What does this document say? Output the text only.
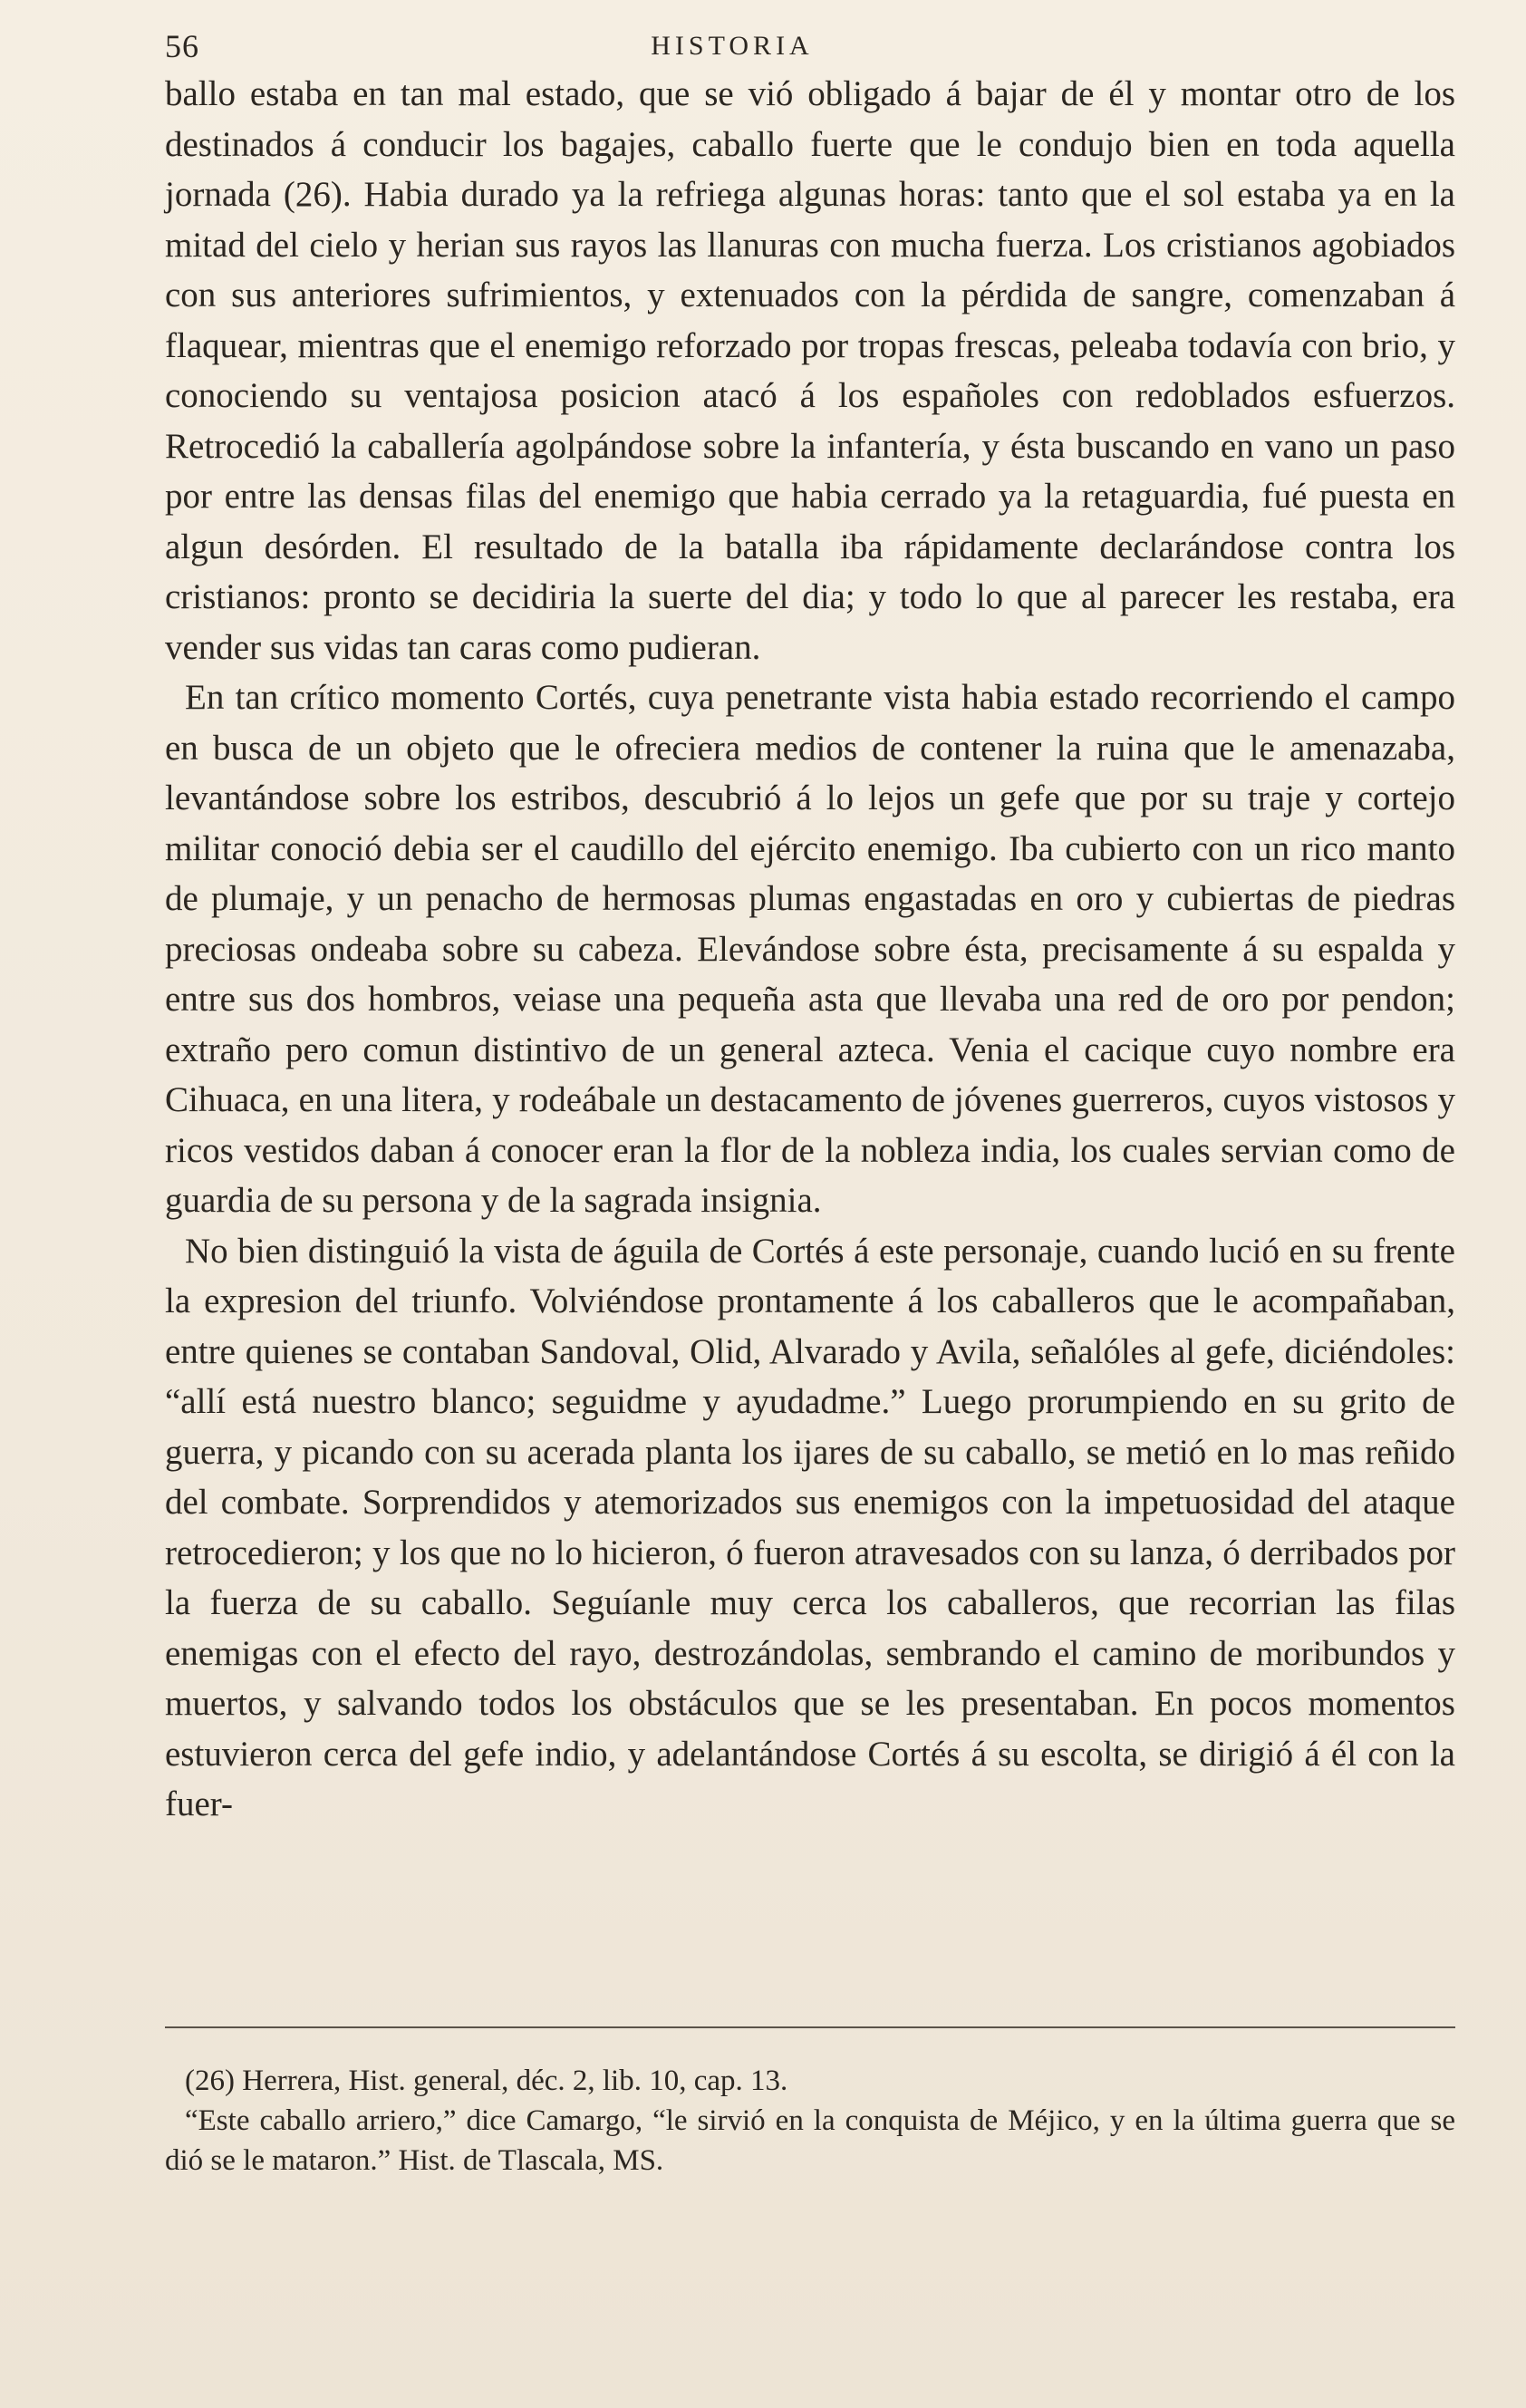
56	HISTORIA

ballo estaba en tan mal estado, que se vió obligado á bajar de él y montar otro de los destinados á conducir los bagajes, caballo fuerte que le condujo bien en toda aquella jornada (26). Habia durado ya la refriega algunas horas: tanto que el sol estaba ya en la mitad del cielo y herian sus rayos las llanuras con mucha fuerza. Los cristianos agobiados con sus anteriores sufrimientos, y extenuados con la pérdida de sangre, comenzaban á flaquear, mientras que el enemigo reforzado por tropas frescas, peleaba todavía con brio, y conociendo su ventajosa posicion atacó á los españoles con redoblados esfuerzos. Retrocedió la caballería agolpándose sobre la infantería, y ésta buscando en vano un paso por entre las densas filas del enemigo que habia cerrado ya la retaguardia, fué puesta en algun desórden. El resultado de la batalla iba rápidamente declarándose contra los cristianos: pronto se decidiria la suerte del dia; y todo lo que al parecer les restaba, era vender sus vidas tan caras como pudieran.

En tan crítico momento Cortés, cuya penetrante vista habia estado recorriendo el campo en busca de un objeto que le ofreciera medios de contener la ruina que le amenazaba, levantándose sobre los estribos, descubrió á lo lejos un gefe que por su traje y cortejo militar conoció debia ser el caudillo del ejército enemigo. Iba cubierto con un rico manto de plumaje, y un penacho de hermosas plumas engastadas en oro y cubiertas de piedras preciosas ondeaba sobre su cabeza. Elevándose sobre ésta, precisamente á su espalda y entre sus dos hombros, veiase una pequeña asta que llevaba una red de oro por pendon; extraño pero comun distintivo de un general azteca. Venia el cacique cuyo nombre era Cihuaca, en una litera, y rodeábale un destacamento de jóvenes guerreros, cuyos vistosos y ricos vestidos daban á conocer eran la flor de la nobleza india, los cuales servian como de guardia de su persona y de la sagrada insignia.

No bien distinguió la vista de águila de Cortés á este personaje, cuando lució en su frente la expresion del triunfo. Volviéndose prontamente á los caballeros que le acompañaban, entre quienes se contaban Sandoval, Olid, Alvarado y Avila, señalóles al gefe, diciéndoles: “allí está nuestro blanco; seguidme y ayudadme.” Luego prorumpiendo en su grito de guerra, y picando con su acerada planta los ijares de su caballo, se metió en lo mas reñido del combate. Sorprendidos y atemorizados sus enemigos con la impetuosidad del ataque retrocedieron; y los que no lo hicieron, ó fueron atravesados con su lanza, ó derribados por la fuerza de su caballo. Seguíanle muy cerca los caballeros, que recorrian las filas enemigas con el efecto del rayo, destrozándolas, sembrando el camino de moribundos y muertos, y salvando todos los obstáculos que se les presentaban. En pocos momentos estuvieron cerca del gefe indio, y adelantándose Cortés á su escolta, se dirigió á él con la fuer-

(26) Herrera, Hist. general, déc. 2, lib. 10, cap. 13.

“Este caballo arriero,” dice Camargo, “le sirvió en la conquista de Méjico, y en la última guerra que se dió se le mataron.” Hist. de Tlascala, MS.
